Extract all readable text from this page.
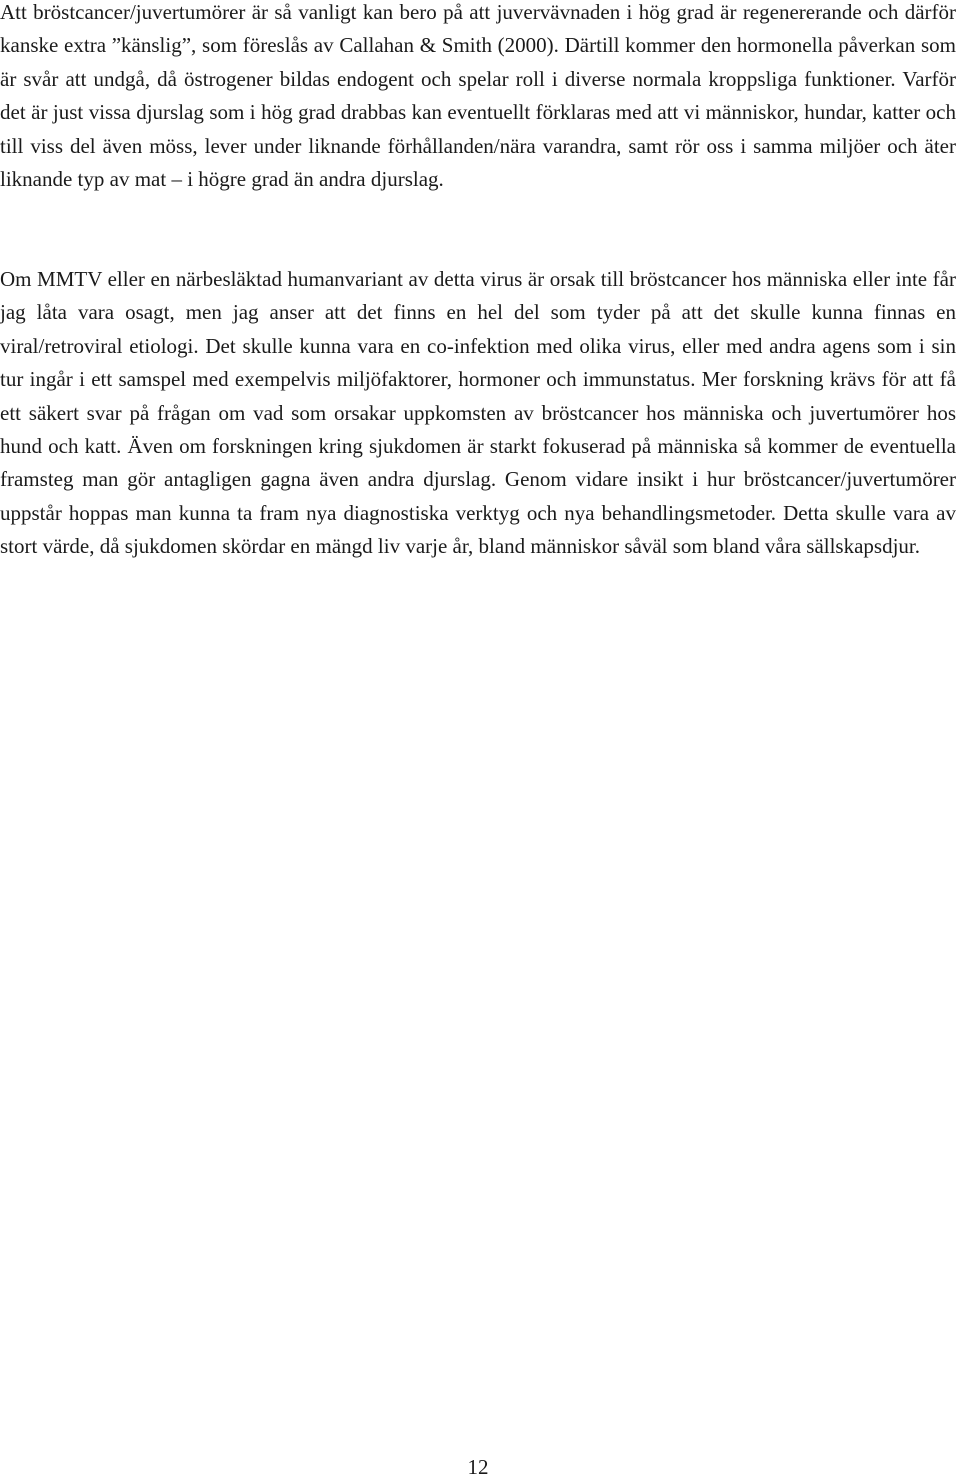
Att bröstcancer/juvertumörer är så vanligt kan bero på att juvervävnaden i hög grad är regenererande och därför kanske extra ”känslig”, som föreslås av Callahan & Smith (2000). Därtill kommer den hormonella påverkan som är svår att undgå, då östrogener bildas endogent och spelar roll i diverse normala kroppsliga funktioner. Varför det är just vissa djurslag som i hög grad drabbas kan eventuellt förklaras med att vi människor, hundar, katter och till viss del även möss, lever under liknande förhållanden/nära varandra, samt rör oss i samma miljöer och äter liknande typ av mat – i högre grad än andra djurslag.

Om MMTV eller en närbesläktad humanvariant av detta virus är orsak till bröstcancer hos människa eller inte får jag låta vara osagt, men jag anser att det finns en hel del som tyder på att det skulle kunna finnas en viral/retroviral etiologi. Det skulle kunna vara en co-infektion med olika virus, eller med andra agens som i sin tur ingår i ett samspel med exempelvis miljöfaktorer, hormoner och immunstatus. Mer forskning krävs för att få ett säkert svar på frågan om vad som orsakar uppkomsten av bröstcancer hos människa och juvertumörer hos hund och katt. Även om forskningen kring sjukdomen är starkt fokuserad på människa så kommer de eventuella framsteg man gör antagligen gagna även andra djurslag. Genom vidare insikt i hur bröstcancer/juvertumörer uppstår hoppas man kunna ta fram nya diagnostiska verktyg och nya behandlingsmetoder. Detta skulle vara av stort värde, då sjukdomen skördar en mängd liv varje år, bland människor såväl som bland våra sällskapsdjur.

12
